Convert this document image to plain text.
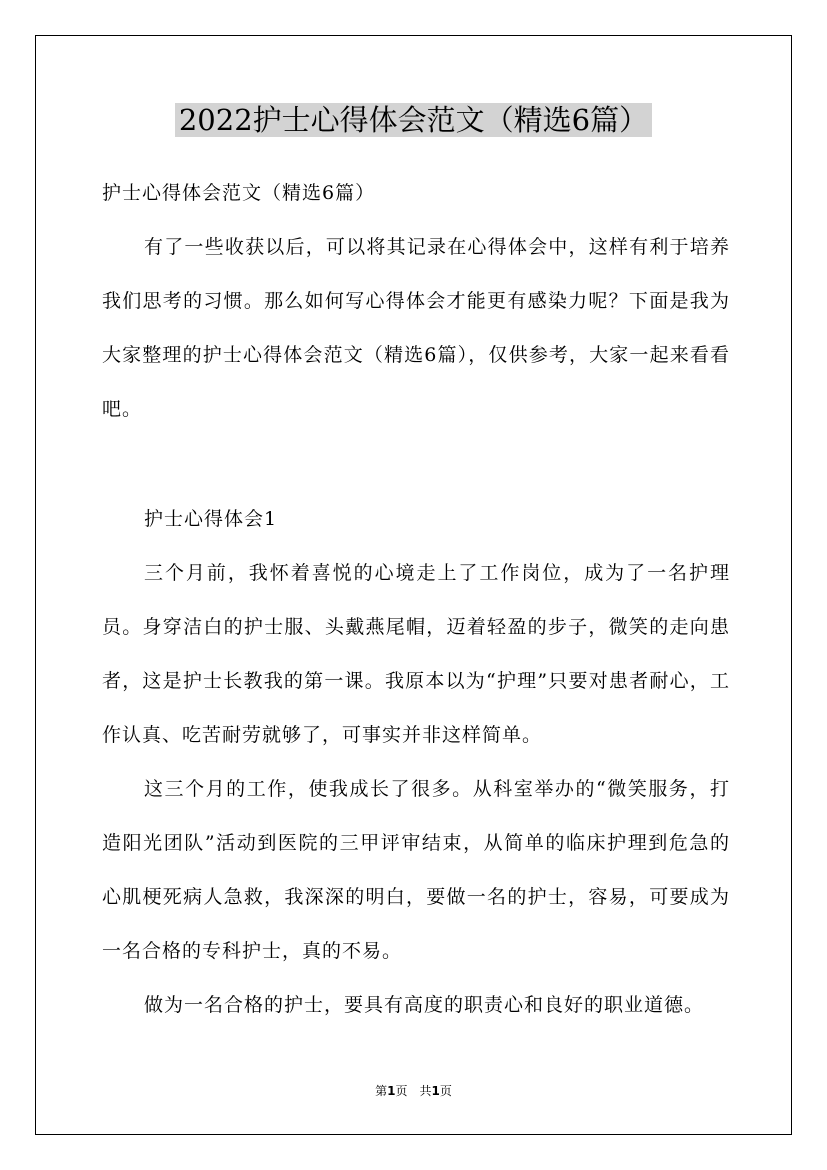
2022护士心得体会范文（精选6篇）

护士心得体会范文（精选6篇）

有了一些收获以后，可以将其记录在心得体会中，这样有利于培养我们思考的习惯。那么如何写心得体会才能更有感染力呢？下面是我为大家整理的护士心得体会范文（精选6篇），仅供参考，大家一起来看看吧。

护士心得体会1

三个月前，我怀着喜悦的心境走上了工作岗位，成为了一名护理员。身穿洁白的护士服、头戴燕尾帽，迈着轻盈的步子，微笑的走向患者，这是护士长教我的第一课。我原本以为“护理”只要对患者耐心，工作认真、吃苦耐劳就够了，可事实并非这样简单。

这三个月的工作，使我成长了很多。从科室举办的“微笑服务，打造阳光团队”活动到医院的三甲评审结束，从简单的临床护理到危急的心肌梗死病人急救，我深深的明白，要做一名的护士，容易，可要成为一名合格的专科护士，真的不易。

做为一名合格的护士，要具有高度的职责心和良好的职业道德。

第1页 共1页
